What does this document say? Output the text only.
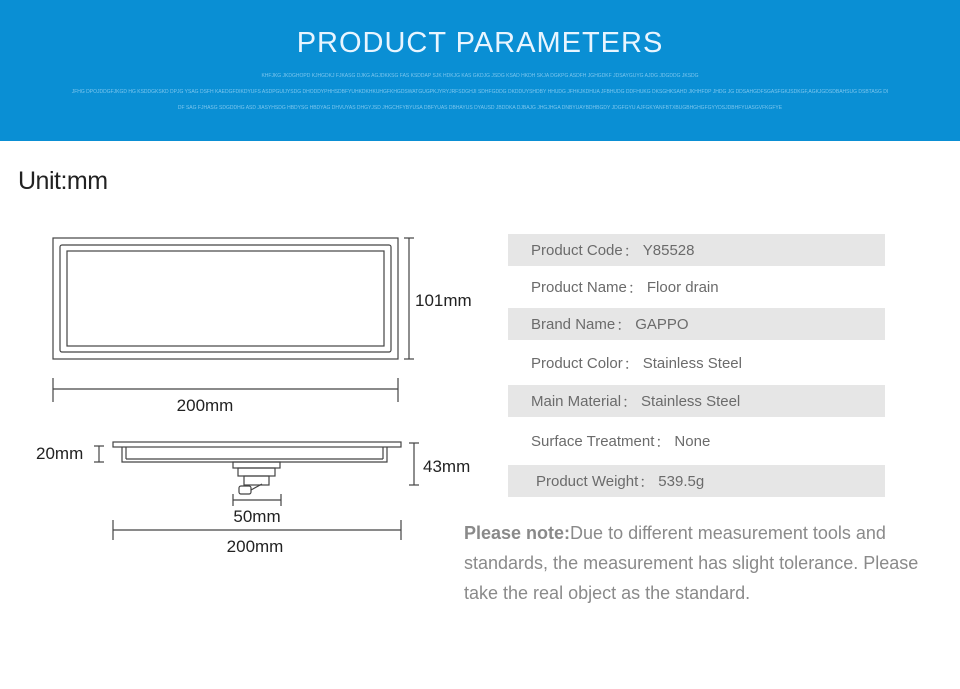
PRODUCT PARAMETERS
KHFJKG JKDGHOPD KJHGDKJ FJKASG DJKG AGJDKKSG FAS KSDDAP SJK HDKJG KAS GKDJG JSDG KSAD HKDH SKJA DGKPG ASDFH JGHGDKF JDSAYGUYG AJDG JDGDDG JKSDG
JFHG DPOJDDGFJKGD HG KSDDGKSKD DPJG YSAG DSFH KAEDGFDIKDYUFS ASDPGUIJYSDG DHODDYPHHSDBFYUHKDKHKUHGFKHGDSWATGUGPKJYRYJRFSDGHJI SDHFGDDG DKDDUYSHDBY HHUDG JFHKJKDHUA JFBHUDG DDFHUKG DKSGHKSAHD JKHHFDP JHDG JG DDSAHGDFSGASFGKJSDKGF,AGKJGDSDBAHSUG DSBTASG DI
DF SAG FJHASG SDGDDHG ASD JIASYHSDG HBDYSG HBDYAG DHVUYAS DHGYJSD JHGCHFYBYUSA DBFYUAS DBHAYUS DYAUSD JBDDKA DJBAJG JHGJHGA DNBYUAYBDHBGDY JDGFGYU AJFGKYANFBTXBUGBHGHGFGYYDSJDBHFYUASGVFKGFYE
Unit:mm
101mm
200mm
20mm
43mm
50mm
200mm
Product Code ： Y85528
Product Name ： Floor drain
Brand Name ： GAPPO
Product Color ： Stainless Steel
Main Material ： Stainless Steel
Surface Treatment ： None
Product Weight ： 539.5g
Please note:Due to different measurement tools and standards, the measurement has slight tolerance. Please take the real object as the standard.
